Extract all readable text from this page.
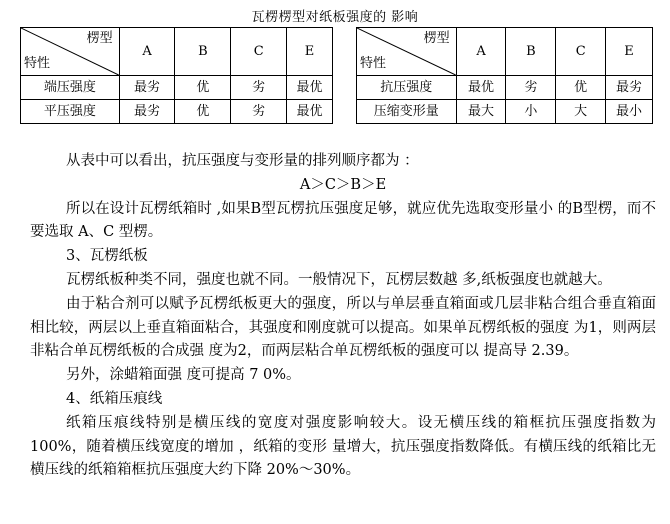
瓦楞楞型对纸板强度的 影响
楞型
特性	A	B	C	E
端压强度	最劣	优	劣	最优
平压强度	最劣	优	劣	最优
楞型
特性	A	B	C	E
抗压强度	最优	劣	优	最劣
压缩变形量	最大	小	大	最小

从表中可以看出，抗压强度与变形量的排列顺序都为 ：

A＞C＞B＞E

所以在设计瓦楞纸箱时 ,如果B型瓦楞抗压强度足够，就应优先选取变形量小 的B型楞，而不要选取 A、C 型楞。

3、瓦楞纸板

瓦楞纸板种类不同，强度也就不同。一般情况下，瓦楞层数越 多,纸板强度也就越大。

由于粘合剂可以赋予瓦楞纸板更大的强度，所以与单层垂直箱面或几层非粘合组合垂直箱面相比较，两层以上垂直箱面粘合，其强度和刚度就可以提高。如果单瓦楞纸板的强度 为1，则两层非粘合单瓦楞纸板的合成强 度为2，而两层粘合单瓦楞纸板的强度可以 提高导 2.39。

另外，涂蜡箱面强 度可提高 7 0%。

4、纸箱压痕线

纸箱压痕线特别是横压线的宽度对强度影响较大。设无横压线的箱框抗压强度指数为 100%，随着横压线宽度的增加 ，纸箱的变形 量增大，抗压强度指数降低。有横压线的纸箱比无横压线的纸箱箱框抗压强度大约下降 20%～30%。
